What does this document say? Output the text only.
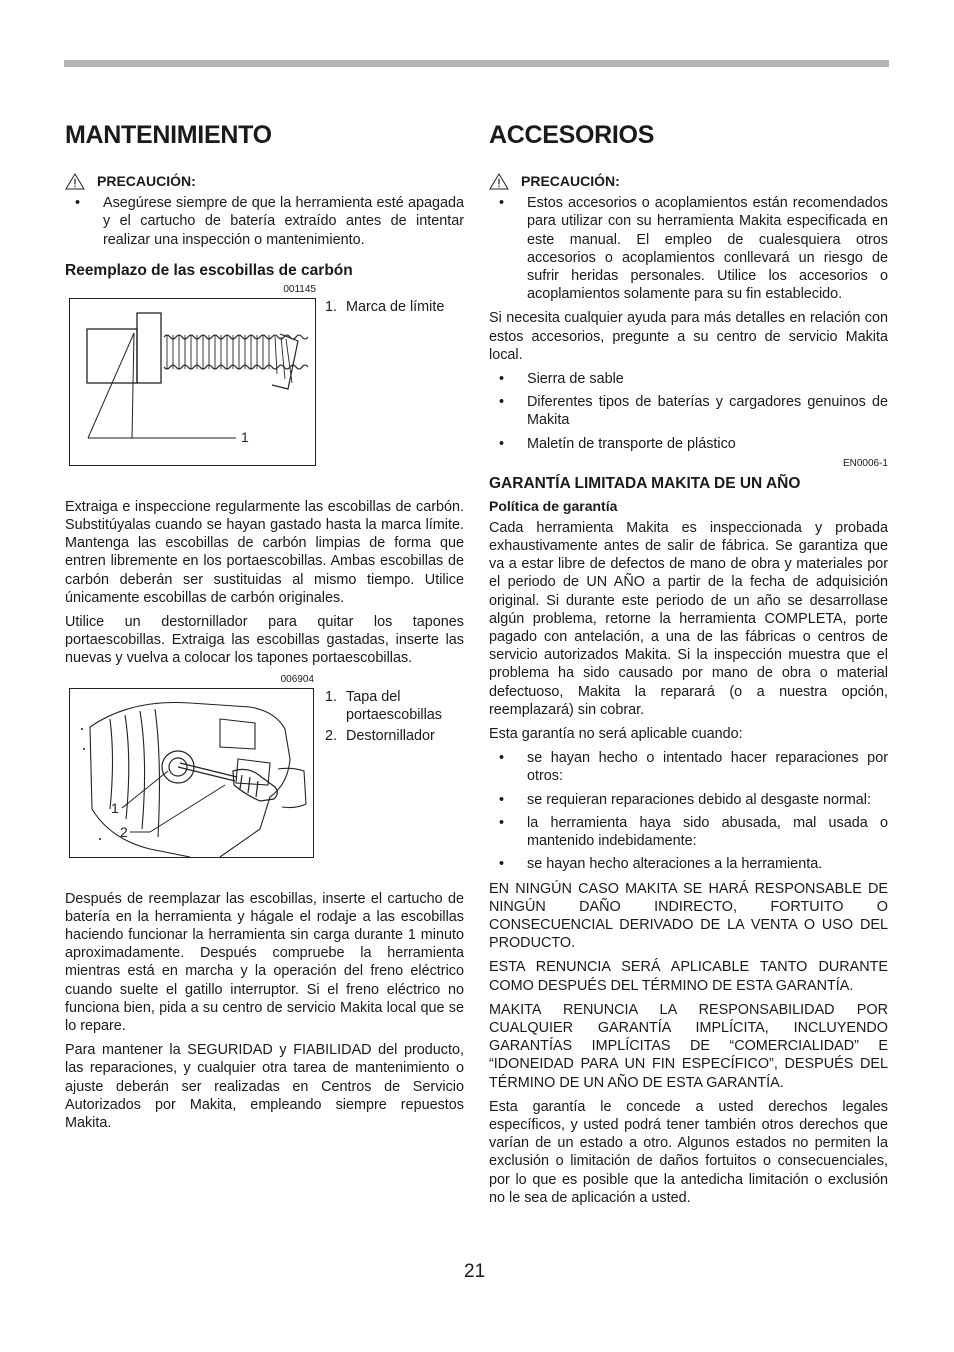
MANTENIMIENTO
PRECAUCIÓN:
• Asegúrese siempre de que la herramienta esté apagada y el cartucho de batería extraído antes de intentar realizar una inspección o mantenimiento.
Reemplazo de las escobillas de carbón
001145
1
1. Marca de límite

Extraiga e inspeccione regularmente las escobillas de carbón. Substitúyalas cuando se hayan gastado hasta la marca límite. Mantenga las escobillas de carbón limpias de forma que entren libremente en los portaescobillas. Ambas escobillas de carbón deberán ser sustituidas al mismo tiempo. Utilice únicamente escobillas de carbón originales.

Utilice un destornillador para quitar los tapones portaescobillas. Extraiga las escobillas gastadas, inserte las nuevas y vuelva a colocar los tapones portaescobillas.

006904
1
2
1. Tapa del portaescobillas
2. Destornillador

Después de reemplazar las escobillas, inserte el cartucho de batería en la herramienta y hágale el rodaje a las escobillas haciendo funcionar la herramienta sin carga durante 1 minuto aproximadamente. Después compruebe la herramienta mientras está en marcha y la operación del freno eléctrico cuando suelte el gatillo interruptor. Si el freno eléctrico no funciona bien, pida a su centro de servicio Makita local que se lo repare.

Para mantener la SEGURIDAD y FIABILIDAD del producto, las reparaciones, y cualquier otra tarea de mantenimiento o ajuste deberán ser realizadas en Centros de Servicio Autorizados por Makita, empleando siempre repuestos Makita.

ACCESORIOS
PRECAUCIÓN:
• Estos accesorios o acoplamientos están recomendados para utilizar con su herramienta Makita especificada en este manual. El empleo de cualesquiera otros accesorios o acoplamientos conllevará un riesgo de sufrir heridas personales. Utilice los accesorios o acoplamientos solamente para su fin establecido.

Si necesita cualquier ayuda para más detalles en relación con estos accesorios, pregunte a su centro de servicio Makita local.

• Sierra de sable
• Diferentes tipos de baterías y cargadores genuinos de Makita
• Maletín de transporte de plástico
EN0006-1
GARANTÍA LIMITADA MAKITA DE UN AÑO
Política de garantía

Cada herramienta Makita es inspeccionada y probada exhaustivamente antes de salir de fábrica. Se garantiza que va a estar libre de defectos de mano de obra y materiales por el periodo de UN AÑO a partir de la fecha de adquisición original. Si durante este periodo de un año se desarrollase algún problema, retorne la herramienta COMPLETA, porte pagado con antelación, a una de las fábricas o centros de servicio autorizados Makita. Si la inspección muestra que el problema ha sido causado por mano de obra o material defectuoso, Makita la reparará (o a nuestra opción, reemplazará) sin cobrar.

Esta garantía no será aplicable cuando:

• se hayan hecho o intentado hacer reparaciones por otros:
• se requieran reparaciones debido al desgaste normal:
• la herramienta haya sido abusada, mal usada o mantenido indebidamente:
• se hayan hecho alteraciones a la herramienta.

EN NINGÚN CASO MAKITA SE HARÁ RESPONSABLE DE NINGÚN DAÑO INDIRECTO, FORTUITO O CONSECUENCIAL DERIVADO DE LA VENTA O USO DEL PRODUCTO.

ESTA RENUNCIA SERÁ APLICABLE TANTO DURANTE COMO DESPUÉS DEL TÉRMINO DE ESTA GARANTÍA.

MAKITA RENUNCIA LA RESPONSABILIDAD POR CUALQUIER GARANTÍA IMPLÍCITA, INCLUYENDO GARANTÍAS IMPLÍCITAS DE “COMERCIALIDAD” E “IDONEIDAD PARA UN FIN ESPECÍFICO”, DESPUÉS DEL TÉRMINO DE UN AÑO DE ESTA GARANTÍA.

Esta garantía le concede a usted derechos legales específicos, y usted podrá tener también otros derechos que varían de un estado a otro. Algunos estados no permiten la exclusión o limitación de daños fortuitos o consecuenciales, por lo que es posible que la antedicha limitación o exclusión no le sea de aplicación a usted.

21
